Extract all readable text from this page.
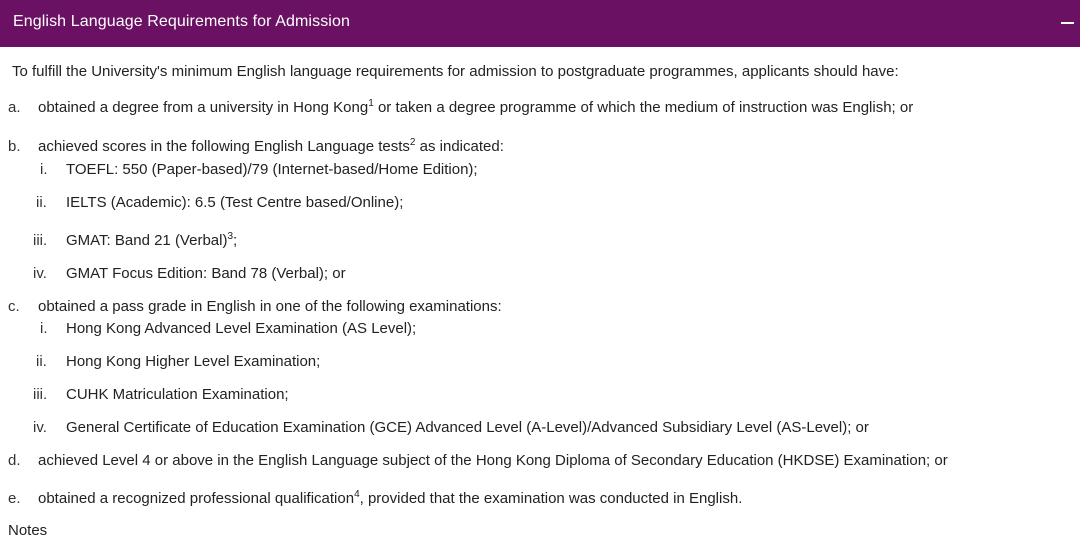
English Language Requirements for Admission
To fulfill the University's minimum English language requirements for admission to postgraduate programmes, applicants should have:
a. obtained a degree from a university in Hong Kong$^1$ or taken a degree programme of which the medium of instruction was English; or
b. achieved scores in the following English Language tests$^2$ as indicated:
i. TOEFL: 550 (Paper-based)/79 (Internet-based/Home Edition);
ii. IELTS (Academic): 6.5 (Test Centre based/Online);
iii. GMAT: Band 21 (Verbal)$^3$;
iv. GMAT Focus Edition: Band 78 (Verbal); or
c. obtained a pass grade in English in one of the following examinations:
i. Hong Kong Advanced Level Examination (AS Level);
ii. Hong Kong Higher Level Examination;
iii. CUHK Matriculation Examination;
iv. General Certificate of Education Examination (GCE) Advanced Level (A-Level)/Advanced Subsidiary Level (AS-Level); or
d. achieved Level 4 or above in the English Language subject of the Hong Kong Diploma of Secondary Education (HKDSE) Examination; or
e. obtained a recognized professional qualification$^4$, provided that the examination was conducted in English.
Notes
